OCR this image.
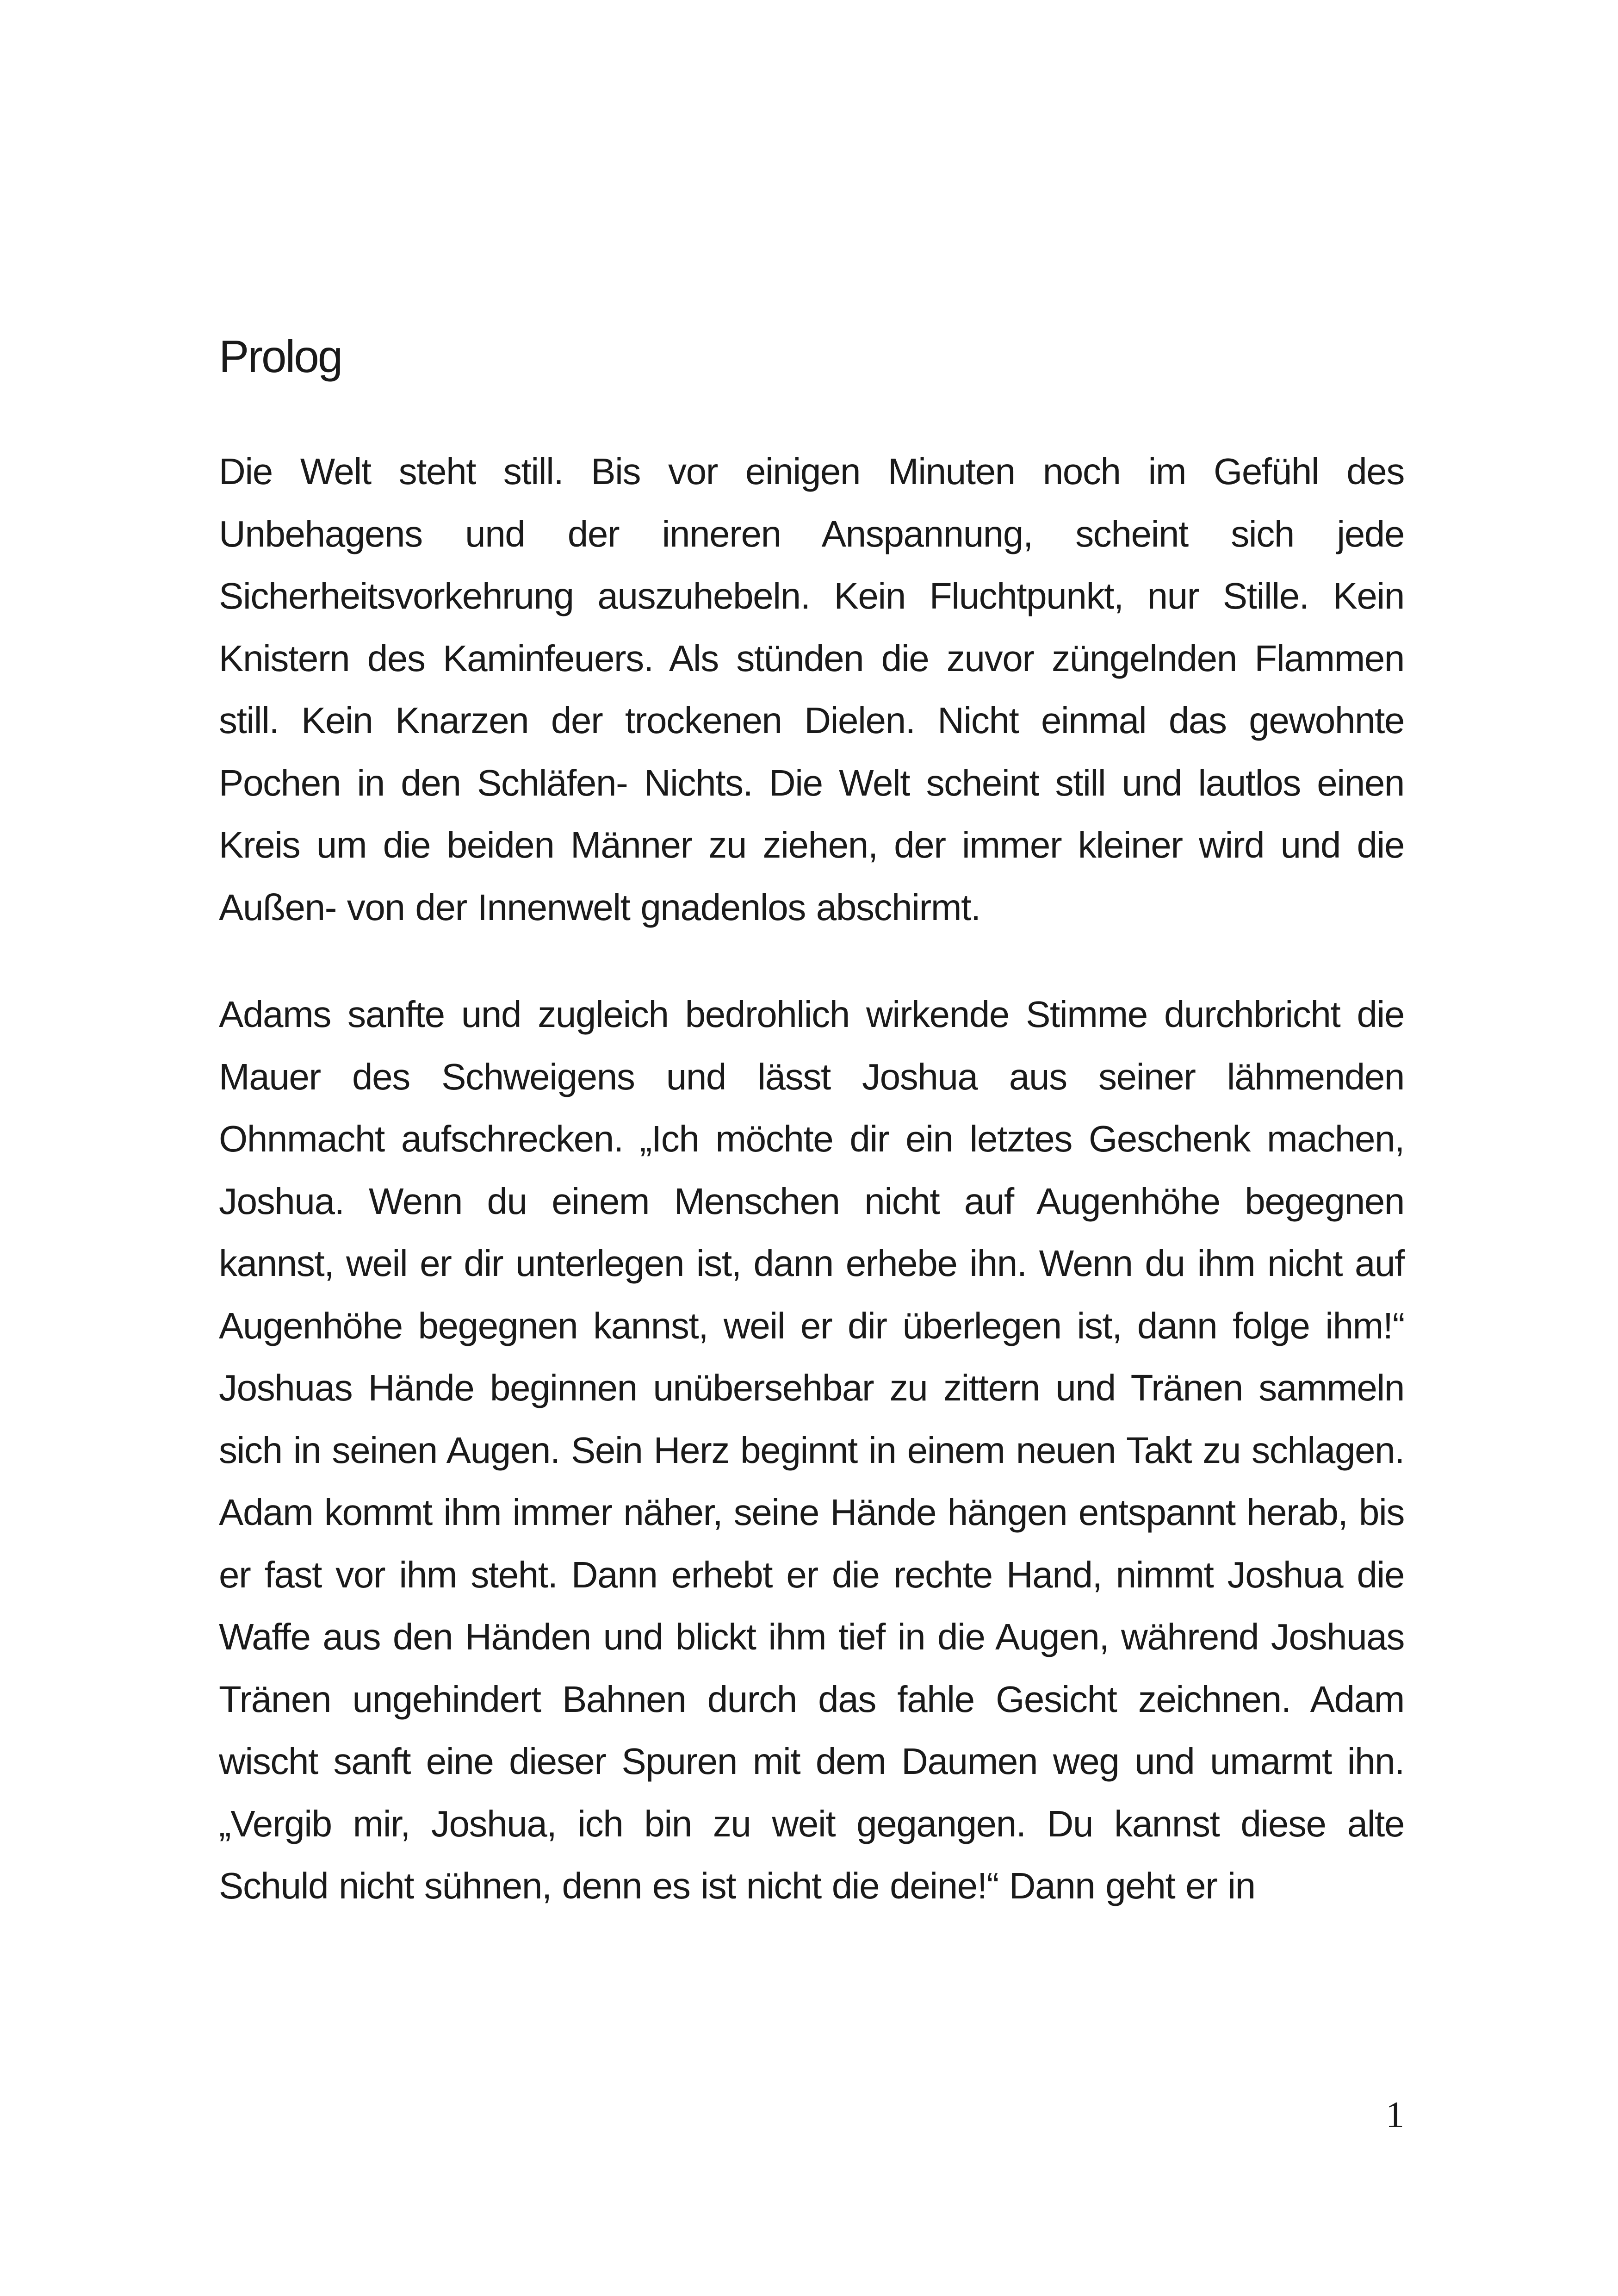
Prolog

Die Welt steht still. Bis vor einigen Minuten noch im Gefühl des Unbehagens und der inneren Anspannung, scheint sich jede Sicherheitsvorkehrung auszuhebeln. Kein Fluchtpunkt, nur Stille. Kein Knistern des Kaminfeuers. Als stünden die zuvor züngelnden Flammen still. Kein Knarzen der trockenen Dielen. Nicht einmal das gewohnte Pochen in den Schläfen- Nichts. Die Welt scheint still und lautlos einen Kreis um die beiden Männer zu ziehen, der immer kleiner wird und die Außen- von der Innenwelt gnadenlos abschirmt.

Adams sanfte und zugleich bedrohlich wirkende Stimme durchbricht die Mauer des Schweigens und lässt Joshua aus seiner lähmenden Ohnmacht aufschrecken. „Ich möchte dir ein letztes Geschenk machen, Joshua. Wenn du einem Menschen nicht auf Augenhöhe begegnen kannst, weil er dir unterlegen ist, dann erhebe ihn. Wenn du ihm nicht auf Augenhöhe begegnen kannst, weil er dir überlegen ist, dann folge ihm!“ Joshuas Hände beginnen unübersehbar zu zittern und Tränen sammeln sich in seinen Augen. Sein Herz beginnt in einem neuen Takt zu schlagen. Adam kommt ihm immer näher, seine Hände hängen entspannt herab, bis er fast vor ihm steht. Dann erhebt er die rechte Hand, nimmt Joshua die Waffe aus den Händen und blickt ihm tief in die Augen, während Joshuas Tränen ungehindert Bahnen durch das fahle Gesicht zeichnen. Adam wischt sanft eine dieser Spuren mit dem Daumen weg und umarmt ihn. „Vergib mir, Joshua, ich bin zu weit gegangen. Du kannst diese alte Schuld nicht sühnen, denn es ist nicht die deine!“ Dann geht er in

1
